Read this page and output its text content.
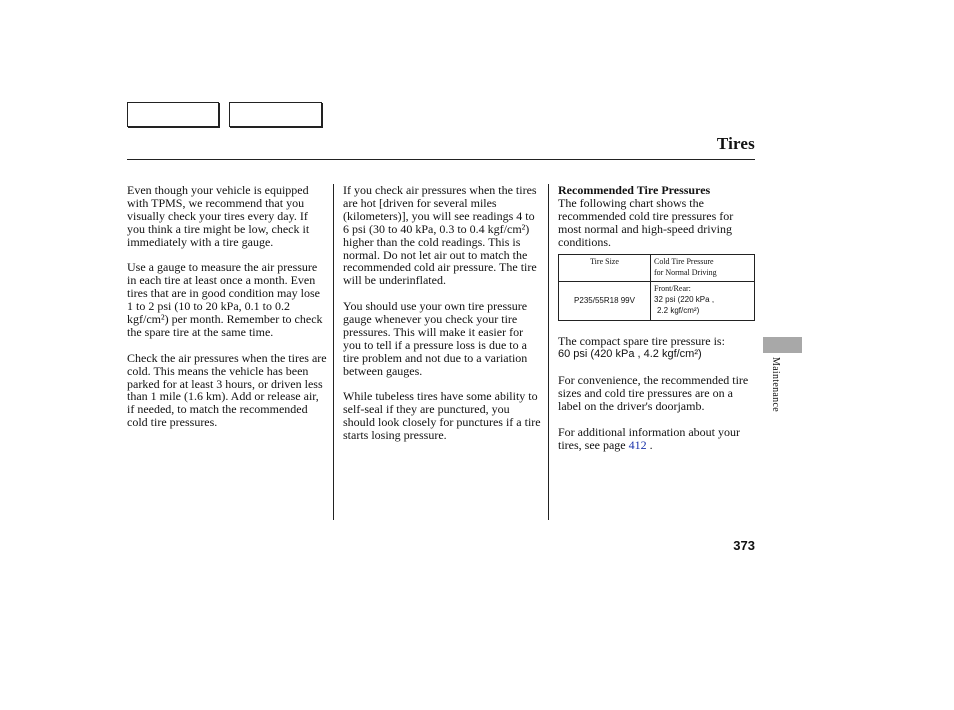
Tires

Even though your vehicle is equipped with TPMS, we recommend that you visually check your tires every day. If you think a tire might be low, check it immediately with a tire gauge.

Use a gauge to measure the air pressure in each tire at least once a month. Even tires that are in good condition may lose 1 to 2 psi (10 to 20 kPa, 0.1 to 0.2 kgf/cm²) per month. Remember to check the spare tire at the same time.

Check the air pressures when the tires are cold. This means the vehicle has been parked for at least 3 hours, or driven less than 1 mile (1.6 km). Add or release air, if needed, to match the recommended cold tire pressures.

If you check air pressures when the tires are hot [driven for several miles (kilometers)], you will see readings 4 to 6 psi (30 to 40 kPa, 0.3 to 0.4 kgf/cm²) higher than the cold readings. This is normal. Do not let air out to match the recommended cold air pressure. The tire will be underinflated.

You should use your own tire pressure gauge whenever you check your tire pressures. This will make it easier for you to tell if a pressure loss is due to a tire problem and not due to a variation between gauges.

While tubeless tires have some ability to self-seal if they are punctured, you should look closely for punctures if a tire starts losing pressure.

Recommended Tire Pressures
The following chart shows the recommended cold tire pressures for most normal and high-speed driving conditions.

Tire Size	Cold Tire Pressure
for Normal Driving

P235/55R18 99V	Front/Rear:
32 psi (220 kPa ,
2.2 kgf/cm²)

The compact spare tire pressure is:
60 psi (420 kPa , 4.2 kgf/cm²)

For convenience, the recommended tire sizes and cold tire pressures are on a label on the driver's doorjamb.

For additional information about your tires, see page 412 .

Maintenance
373
